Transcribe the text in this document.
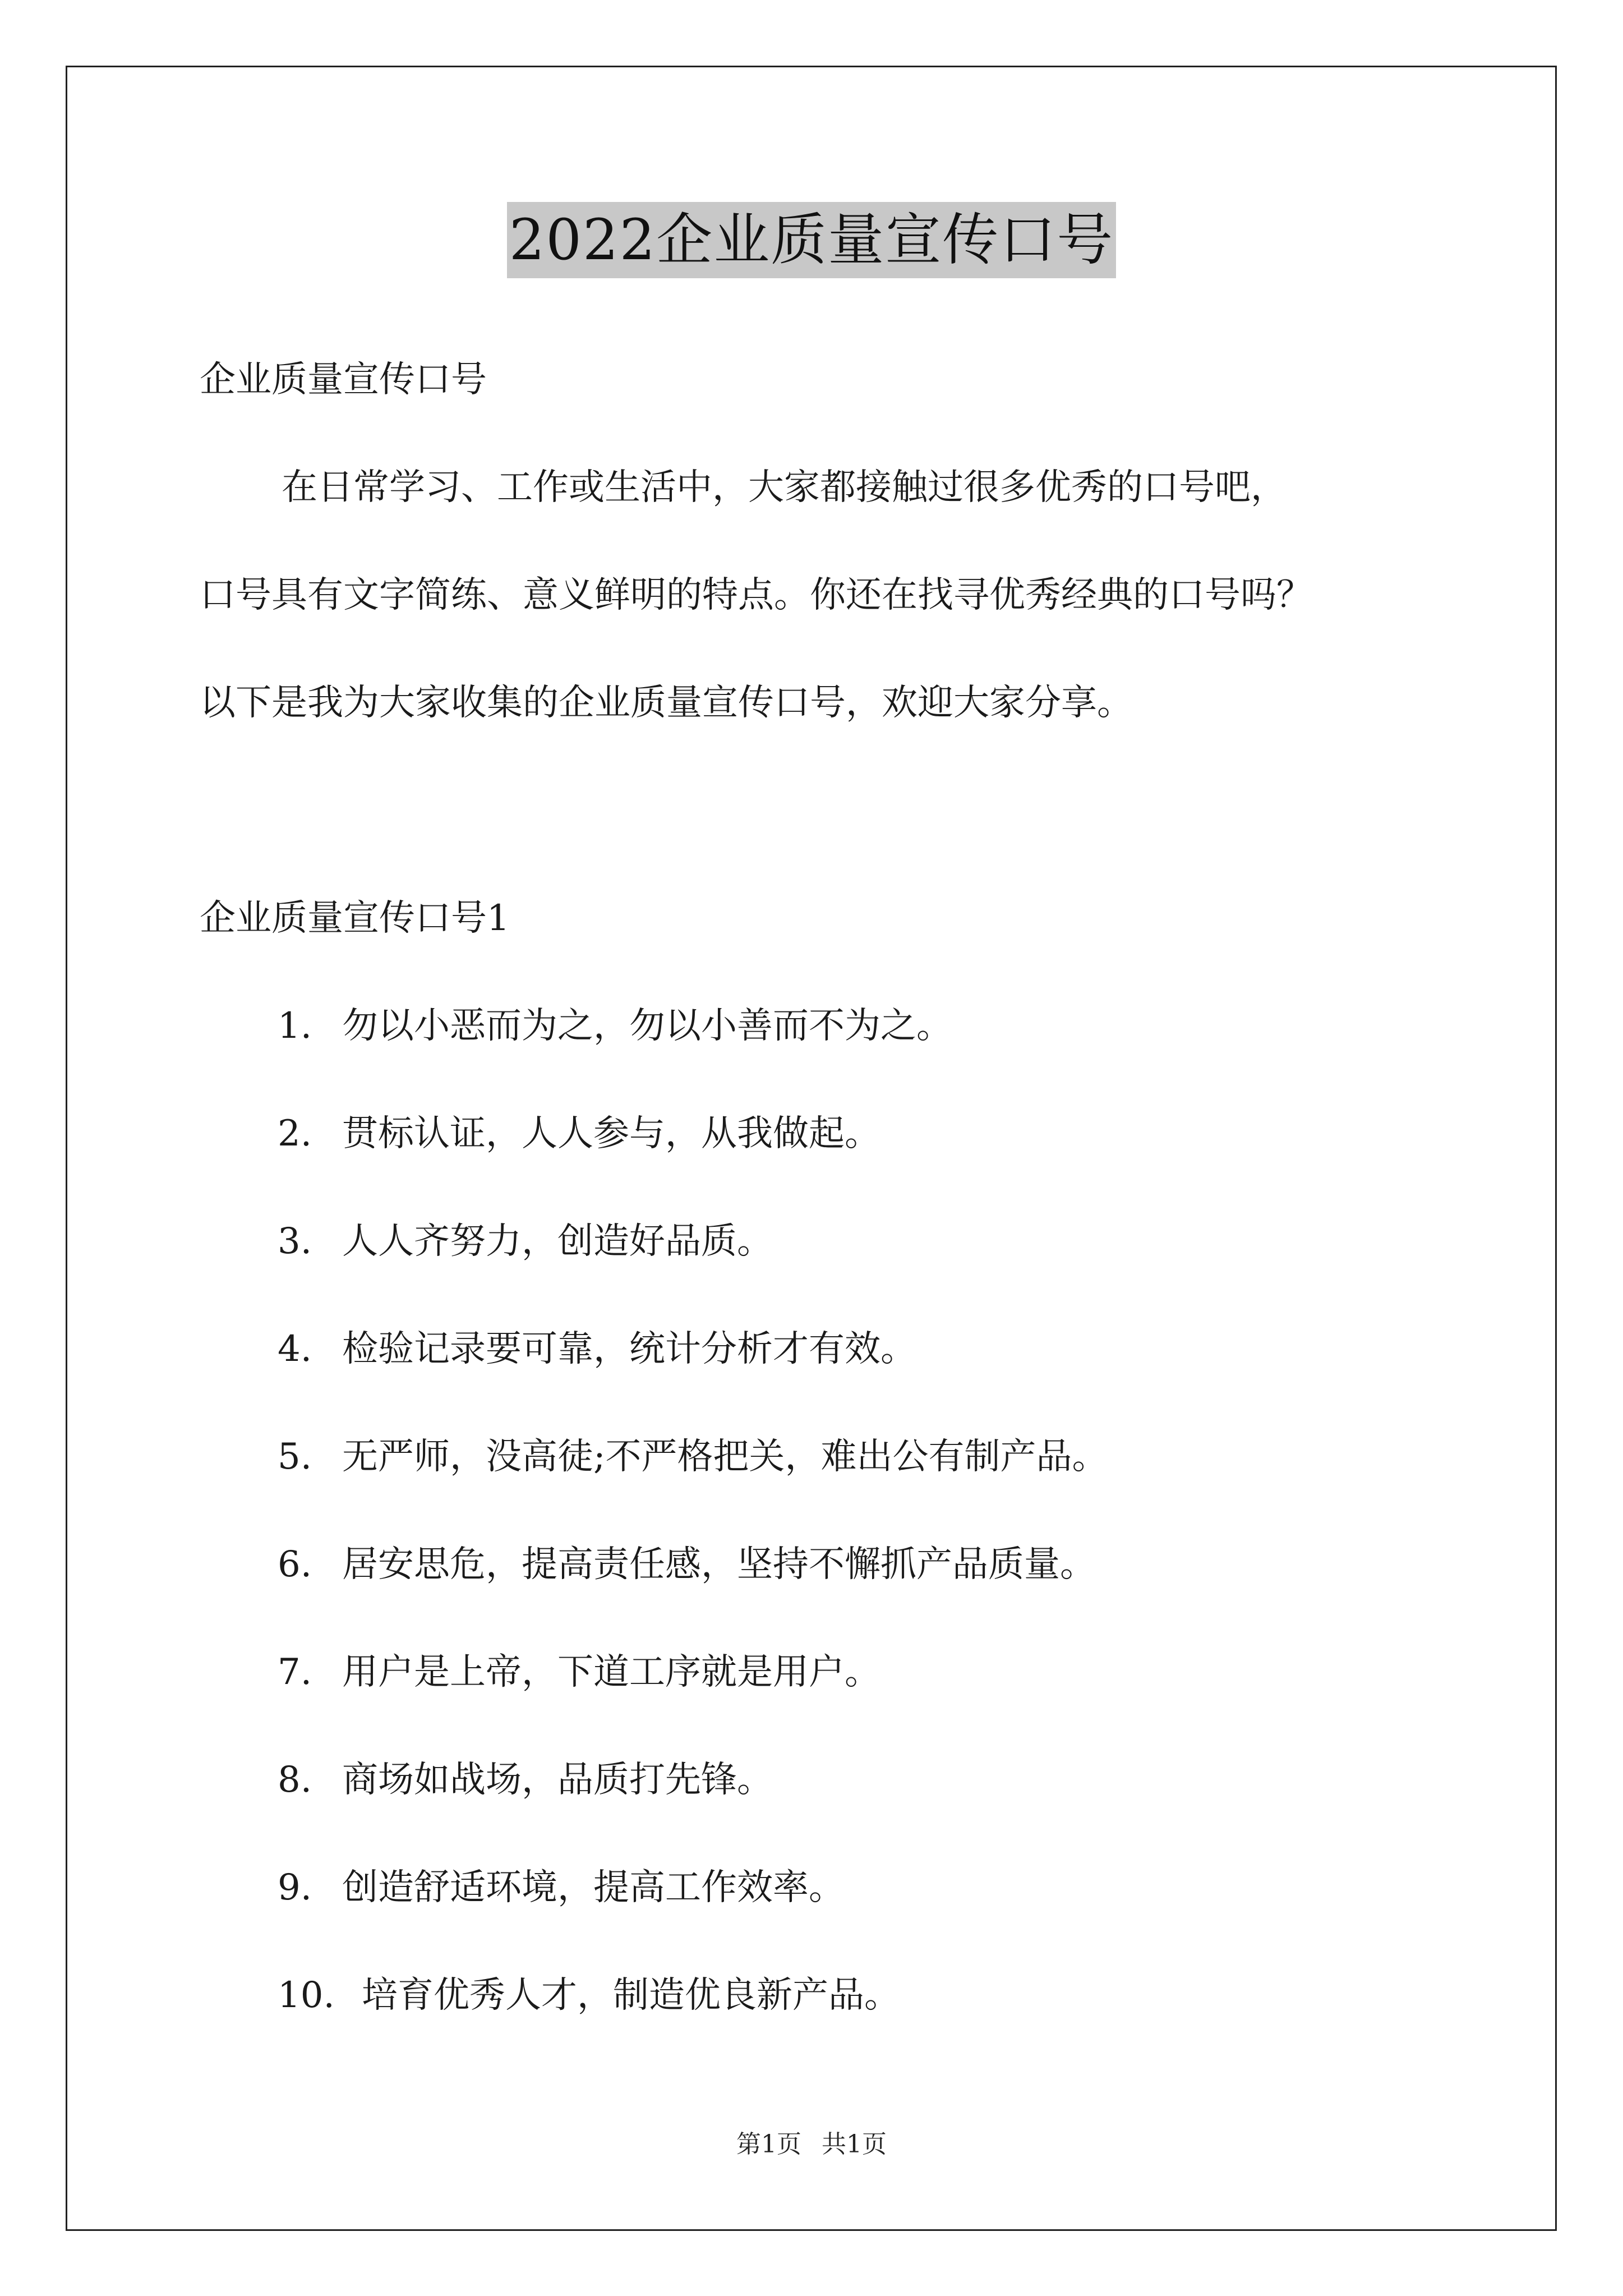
2022企业质量宣传口号
企业质量宣传口号
在日常学习、工作或生活中，大家都接触过很多优秀的口号吧，
口号具有文字简练、意义鲜明的特点。你还在找寻优秀经典的口号吗？
以下是我为大家收集的企业质量宣传口号，欢迎大家分享。
企业质量宣传口号1
1. 勿以小恶而为之，勿以小善而不为之。
2. 贯标认证，人人参与，从我做起。
3. 人人齐努力，创造好品质。
4. 检验记录要可靠，统计分析才有效。
5. 无严师，没高徒;不严格把关，难出公有制产品。
6. 居安思危，提高责任感，坚持不懈抓产品质量。
7. 用户是上帝，下道工序就是用户。
8. 商场如战场，品质打先锋。
9. 创造舒适环境，提高工作效率。
10. 培育优秀人才，制造优良新产品。
第1页 共1页
